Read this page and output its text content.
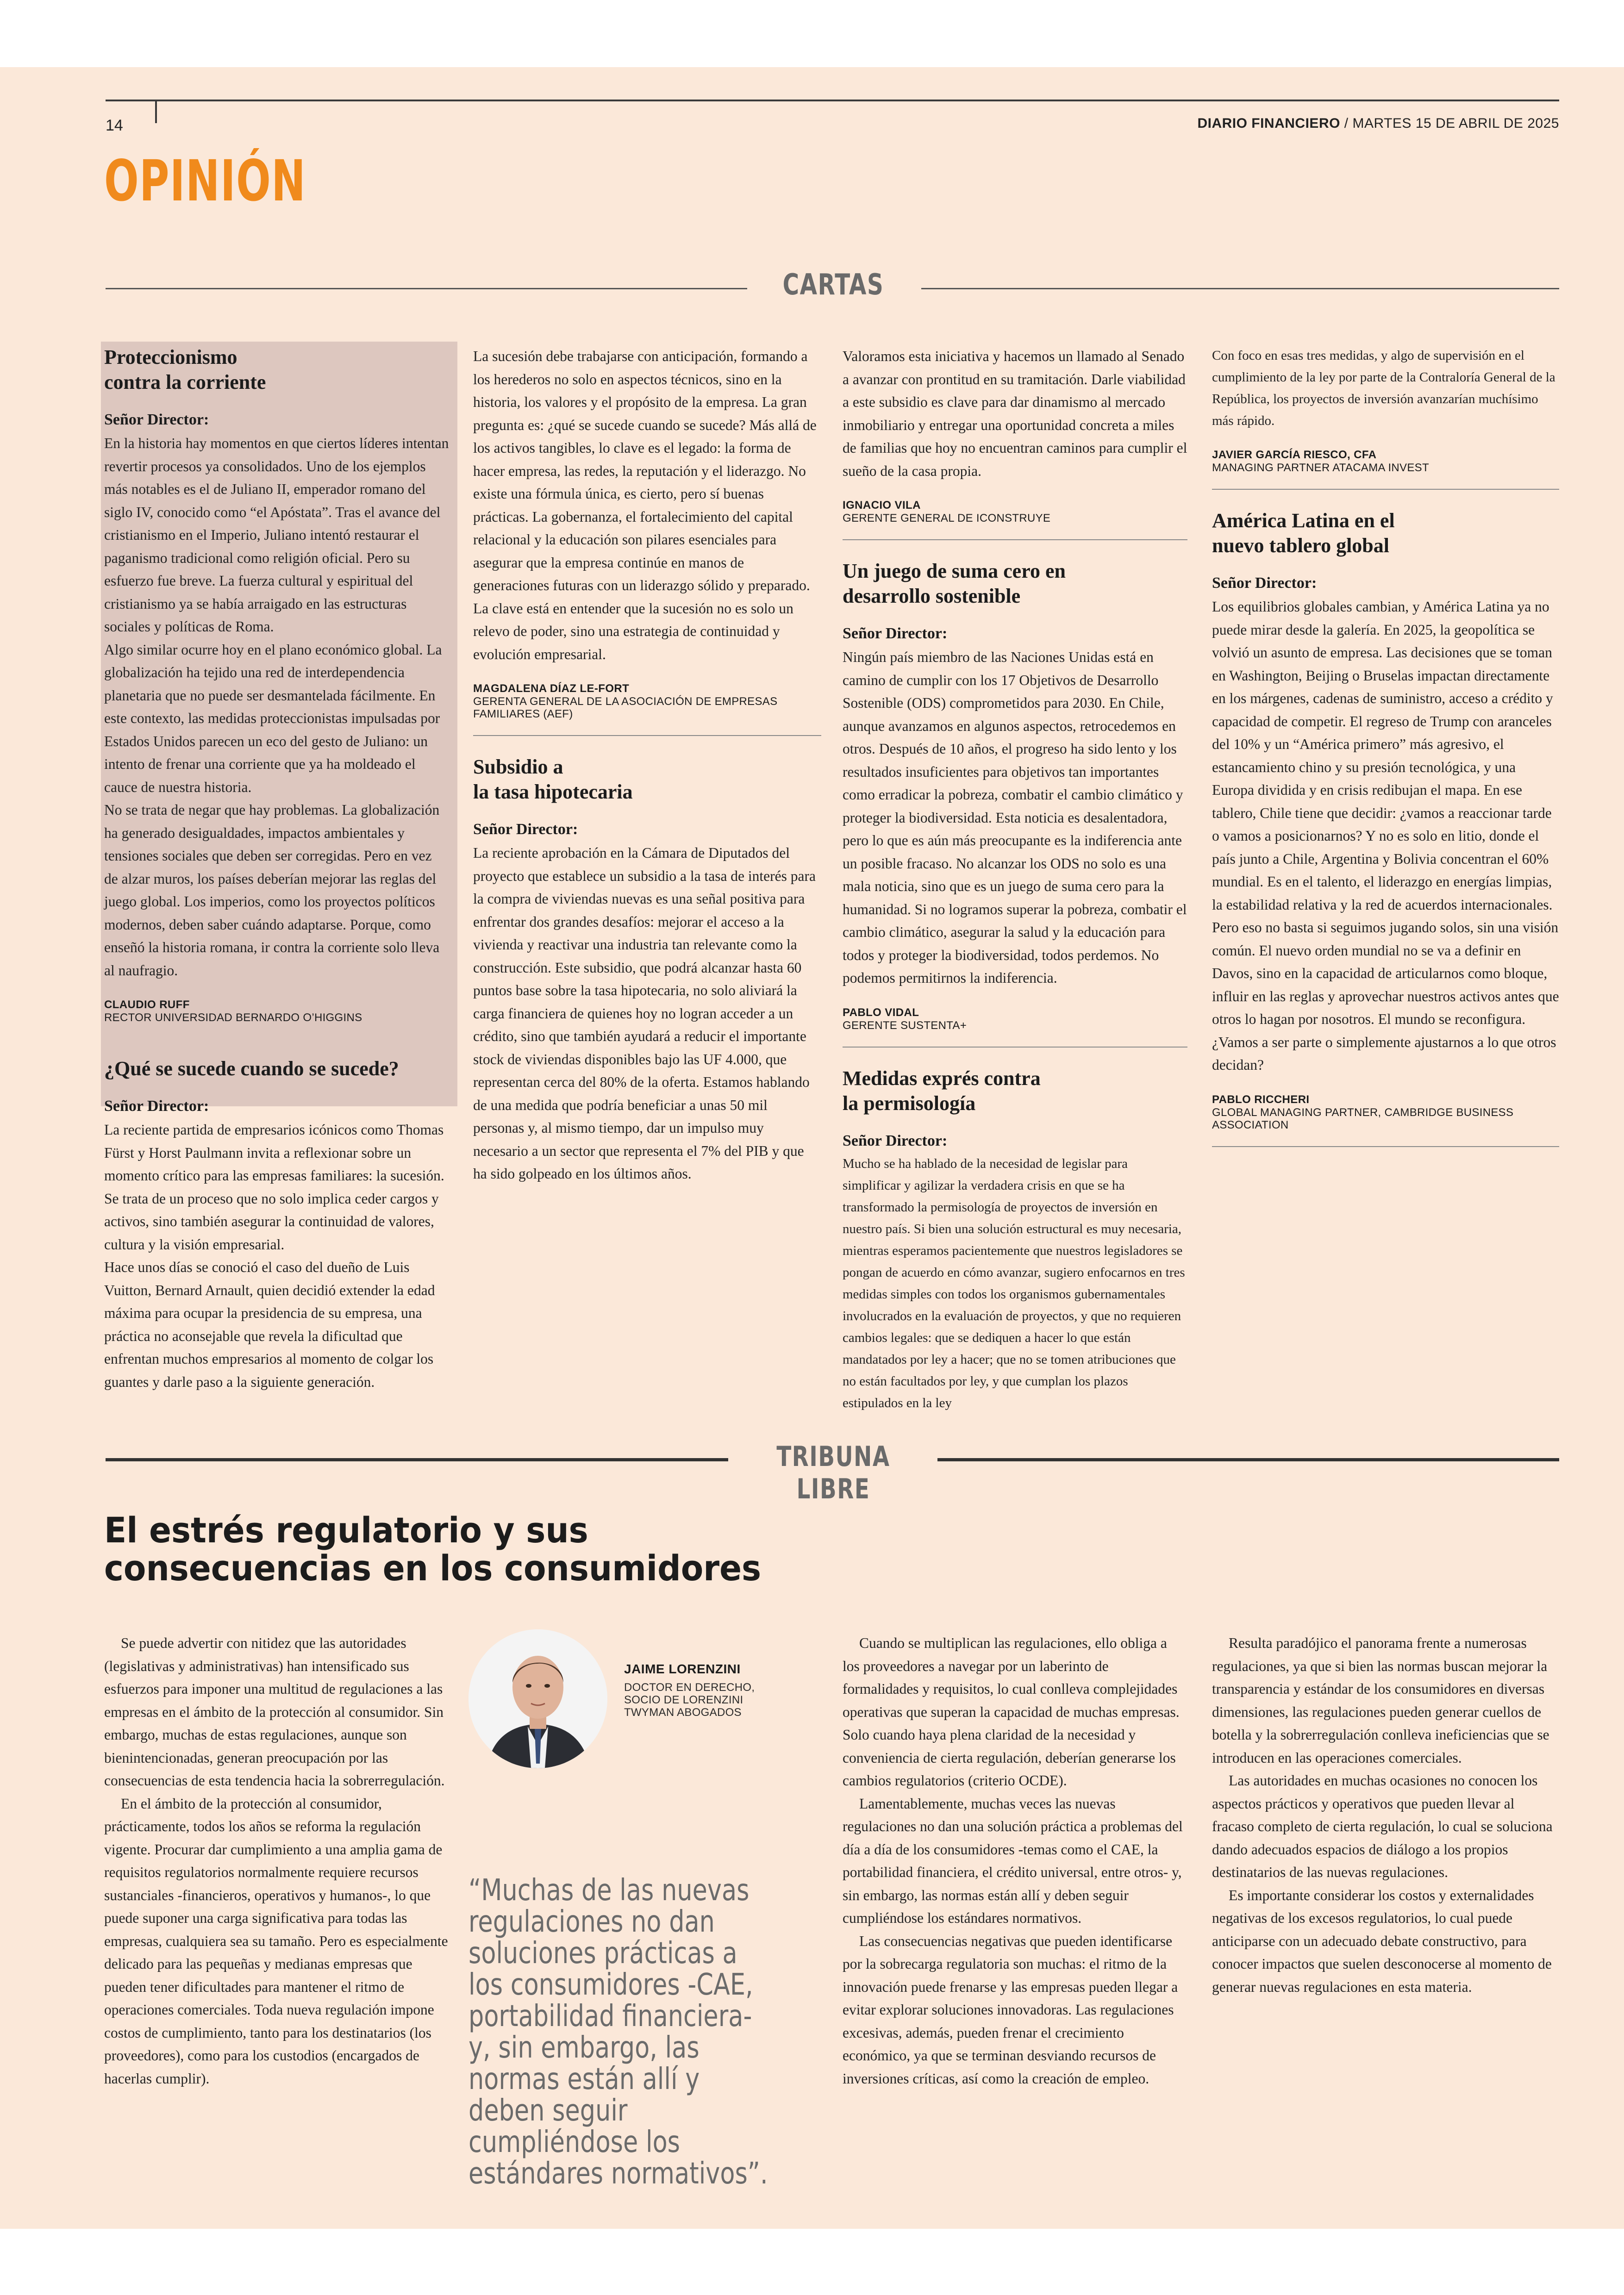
14	DIARIO FINANCIERO / MARTES 15 DE ABRIL DE 2025
OPINIÓN
CARTAS
Proteccionismo
contra la corriente
Señor Director:

En la historia hay momentos en que ciertos líderes intentan revertir procesos ya consolidados. Uno de los ejemplos más notables es el de Juliano II, emperador romano del siglo IV, conocido como “el Apóstata”. Tras el avance del cristianismo en el Imperio, Juliano intentó restaurar el paganismo tradicional como religión oficial. Pero su esfuerzo fue breve. La fuerza cultural y espiritual del cristianismo ya se había arraigado en las estructuras sociales y políticas de Roma.

Algo similar ocurre hoy en el plano económico global. La globalización ha tejido una red de interdependencia planetaria que no puede ser desmantelada fácilmente. En este contexto, las medidas proteccionistas impulsadas por Estados Unidos parecen un eco del gesto de Juliano: un intento de frenar una corriente que ya ha moldeado el cauce de nuestra historia.

No se trata de negar que hay problemas. La globalización ha generado desigualdades, impactos ambientales y tensiones sociales que deben ser corregidas. Pero en vez de alzar muros, los países deberían mejorar las reglas del juego global. Los imperios, como los proyectos políticos modernos, deben saber cuándo adaptarse. Porque, como enseñó la historia romana, ir contra la corriente solo lleva al naufragio.

CLAUDIO RUFF
RECTOR UNIVERSIDAD BERNARDO O’HIGGINS
¿Qué se sucede cuando se sucede?
Señor Director:

La reciente partida de empresarios icónicos como Thomas Fürst y Horst Paulmann invita a reflexionar sobre un momento crítico para las empresas familiares: la sucesión. Se trata de un proceso que no solo implica ceder cargos y activos, sino también asegurar la continuidad de valores, cultura y la visión empresarial.

Hace unos días se conoció el caso del dueño de Luis Vuitton, Bernard Arnault, quien decidió extender la edad máxima para ocupar la presidencia de su empresa, una práctica no aconsejable que revela la dificultad que enfrentan muchos empresarios al momento de colgar los guantes y darle paso a la siguiente generación.

La sucesión debe trabajarse con anticipación, formando a los herederos no solo en aspectos técnicos, sino en la historia, los valores y el propósito de la empresa. La gran pregunta es: ¿qué se sucede cuando se sucede? Más allá de los activos tangibles, lo clave es el legado: la forma de hacer empresa, las redes, la reputación y el liderazgo. No existe una fórmula única, es cierto, pero sí buenas prácticas. La gobernanza, el fortalecimiento del capital relacional y la educación son pilares esenciales para asegurar que la empresa continúe en manos de generaciones futuras con un liderazgo sólido y preparado. La clave está en entender que la sucesión no es solo un relevo de poder, sino una estrategia de continuidad y evolución empresarial.

MAGDALENA DÍAZ LE-FORT
GERENTA GENERAL DE LA ASOCIACIÓN DE EMPRESAS FAMILIARES (AEF)
Subsidio a
la tasa hipotecaria
Señor Director:

La reciente aprobación en la Cámara de Diputados del proyecto que establece un subsidio a la tasa de interés para la compra de viviendas nuevas es una señal positiva para enfrentar dos grandes desafíos: mejorar el acceso a la vivienda y reactivar una industria tan relevante como la construcción. Este subsidio, que podrá alcanzar hasta 60 puntos base sobre la tasa hipotecaria, no solo aliviará la carga financiera de quienes hoy no logran acceder a un crédito, sino que también ayudará a reducir el importante stock de viviendas disponibles bajo las UF 4.000, que representan cerca del 80% de la oferta. Estamos hablando de una medida que podría beneficiar a unas 50 mil personas y, al mismo tiempo, dar un impulso muy necesario a un sector que representa el 7% del PIB y que ha sido golpeado en los últimos años.

Valoramos esta iniciativa y hacemos un llamado al Senado a avanzar con prontitud en su tramitación. Darle viabilidad a este subsidio es clave para dar dinamismo al mercado inmobiliario y entregar una oportunidad concreta a miles de familias que hoy no encuentran caminos para cumplir el sueño de la casa propia.

IGNACIO VILA
GERENTE GENERAL DE ICONSTRUYE
Un juego de suma cero en
desarrollo sostenible
Señor Director:

Ningún país miembro de las Naciones Unidas está en camino de cumplir con los 17 Objetivos de Desarrollo Sostenible (ODS) comprometidos para 2030. En Chile, aunque avanzamos en algunos aspectos, retrocedemos en otros. Después de 10 años, el progreso ha sido lento y los resultados insuficientes para objetivos tan importantes como erradicar la pobreza, combatir el cambio climático y proteger la biodiversidad. Esta noticia es desalentadora, pero lo que es aún más preocupante es la indiferencia ante un posible fracaso. No alcanzar los ODS no solo es una mala noticia, sino que es un juego de suma cero para la humanidad. Si no logramos superar la pobreza, combatir el cambio climático, asegurar la salud y la educación para todos y proteger la biodiversidad, todos perdemos. No podemos permitirnos la indiferencia.

PABLO VIDAL
GERENTE SUSTENTA+
Medidas exprés contra
la permisología
Señor Director:

Mucho se ha hablado de la necesidad de legislar para simplificar y agilizar la verdadera crisis en que se ha transformado la permisología de proyectos de inversión en nuestro país. Si bien una solución estructural es muy necesaria, mientras esperamos pacientemente que nuestros legisladores se pongan de acuerdo en cómo avanzar, sugiero enfocarnos en tres medidas simples con todos los organismos gubernamentales involucrados en la evaluación de proyectos, y que no requieren cambios legales: que se dediquen a hacer lo que están mandatados por ley a hacer; que no se tomen atribuciones que no están facultados por ley, y que cumplan los plazos estipulados en la ley

Con foco en esas tres medidas, y algo de supervisión en el cumplimiento de la ley por parte de la Contraloría General de la República, los proyectos de inversión avanzarían muchísimo más rápido.

JAVIER GARCÍA RIESCO, CFA
MANAGING PARTNER ATACAMA INVEST
América Latina en el
nuevo tablero global
Señor Director:

Los equilibrios globales cambian, y América Latina ya no puede mirar desde la galería. En 2025, la geopolítica se volvió un asunto de empresa. Las decisiones que se toman en Washington, Beijing o Bruselas impactan directamente en los márgenes, cadenas de suministro, acceso a crédito y capacidad de competir. El regreso de Trump con aranceles del 10% y un “América primero” más agresivo, el estancamiento chino y su presión tecnológica, y una Europa dividida y en crisis redibujan el mapa. En ese tablero, Chile tiene que decidir: ¿vamos a reaccionar tarde o vamos a posicionarnos? Y no es solo en litio, donde el país junto a Chile, Argentina y Bolivia concentran el 60% mundial. Es en el talento, el liderazgo en energías limpias, la estabilidad relativa y la red de acuerdos internacionales. Pero eso no basta si seguimos jugando solos, sin una visión común. El nuevo orden mundial no se va a definir en Davos, sino en la capacidad de articularnos como bloque, influir en las reglas y aprovechar nuestros activos antes que otros lo hagan por nosotros. El mundo se reconfigura. ¿Vamos a ser parte o simplemente ajustarnos a lo que otros decidan?

PABLO RICCHERI
GLOBAL MANAGING PARTNER, CAMBRIDGE BUSINESS ASSOCIATION
TRIBUNA LIBRE
El estrés regulatorio y sus
consecuencias en los consumidores

Se puede advertir con nitidez que las autoridades (legislativas y administrativas) han intensificado sus esfuerzos para imponer una multitud de regulaciones a las empresas en el ámbito de la protección al consumidor. Sin embargo, muchas de estas regulaciones, aunque son bienintencionadas, generan preocupación por las consecuencias de esta tendencia hacia la sobrerregulación.

En el ámbito de la protección al consumidor, prácticamente, todos los años se reforma la regulación vigente. Procurar dar cumplimiento a una amplia gama de requisitos regulatorios normalmente requiere recursos sustanciales -financieros, operativos y humanos-, lo que puede suponer una carga significativa para todas las empresas, cualquiera sea su tamaño. Pero es especialmente delicado para las pequeñas y medianas empresas que pueden tener dificultades para mantener el ritmo de operaciones comerciales. Toda nueva regulación impone costos de cumplimiento, tanto para los destinatarios (los proveedores), como para los custodios (encargados de hacerlas cumplir).

JAIME LORENZINI
DOCTOR EN DERECHO,
SOCIO DE LORENZINI
TWYMAN ABOGADOS
“Muchas de las nuevas regulaciones no dan soluciones prácticas a los consumidores -CAE, portabilidad financiera- y, sin embargo, las normas están allí y deben seguir cumpliéndose los estándares normativos”.

Cuando se multiplican las regulaciones, ello obliga a los proveedores a navegar por un laberinto de formalidades y requisitos, lo cual conlleva complejidades operativas que superan la capacidad de muchas empresas. Solo cuando haya plena claridad de la necesidad y conveniencia de cierta regulación, deberían generarse los cambios regulatorios (criterio OCDE).

Lamentablemente, muchas veces las nuevas regulaciones no dan una solución práctica a problemas del día a día de los consumidores -temas como el CAE, la portabilidad financiera, el crédito universal, entre otros- y, sin embargo, las normas están allí y deben seguir cumpliéndose los estándares normativos.

Las consecuencias negativas que pueden identificarse por la sobrecarga regulatoria son muchas: el ritmo de la innovación puede frenarse y las empresas pueden llegar a evitar explorar soluciones innovadoras. Las regulaciones excesivas, además, pueden frenar el crecimiento económico, ya que se terminan desviando recursos de inversiones críticas, así como la creación de empleo.

Resulta paradójico el panorama frente a numerosas regulaciones, ya que si bien las normas buscan mejorar la transparencia y estándar de los consumidores en diversas dimensiones, las regulaciones pueden generar cuellos de botella y la sobrerregulación conlleva ineficiencias que se introducen en las operaciones comerciales.

Las autoridades en muchas ocasiones no conocen los aspectos prácticos y operativos que pueden llevar al fracaso completo de cierta regulación, lo cual se soluciona dando adecuados espacios de diálogo a los propios destinatarios de las nuevas regulaciones.

Es importante considerar los costos y externalidades negativas de los excesos regulatorios, lo cual puede anticiparse con un adecuado debate constructivo, para conocer impactos que suelen desconocerse al momento de generar nuevas regulaciones en esta materia.
